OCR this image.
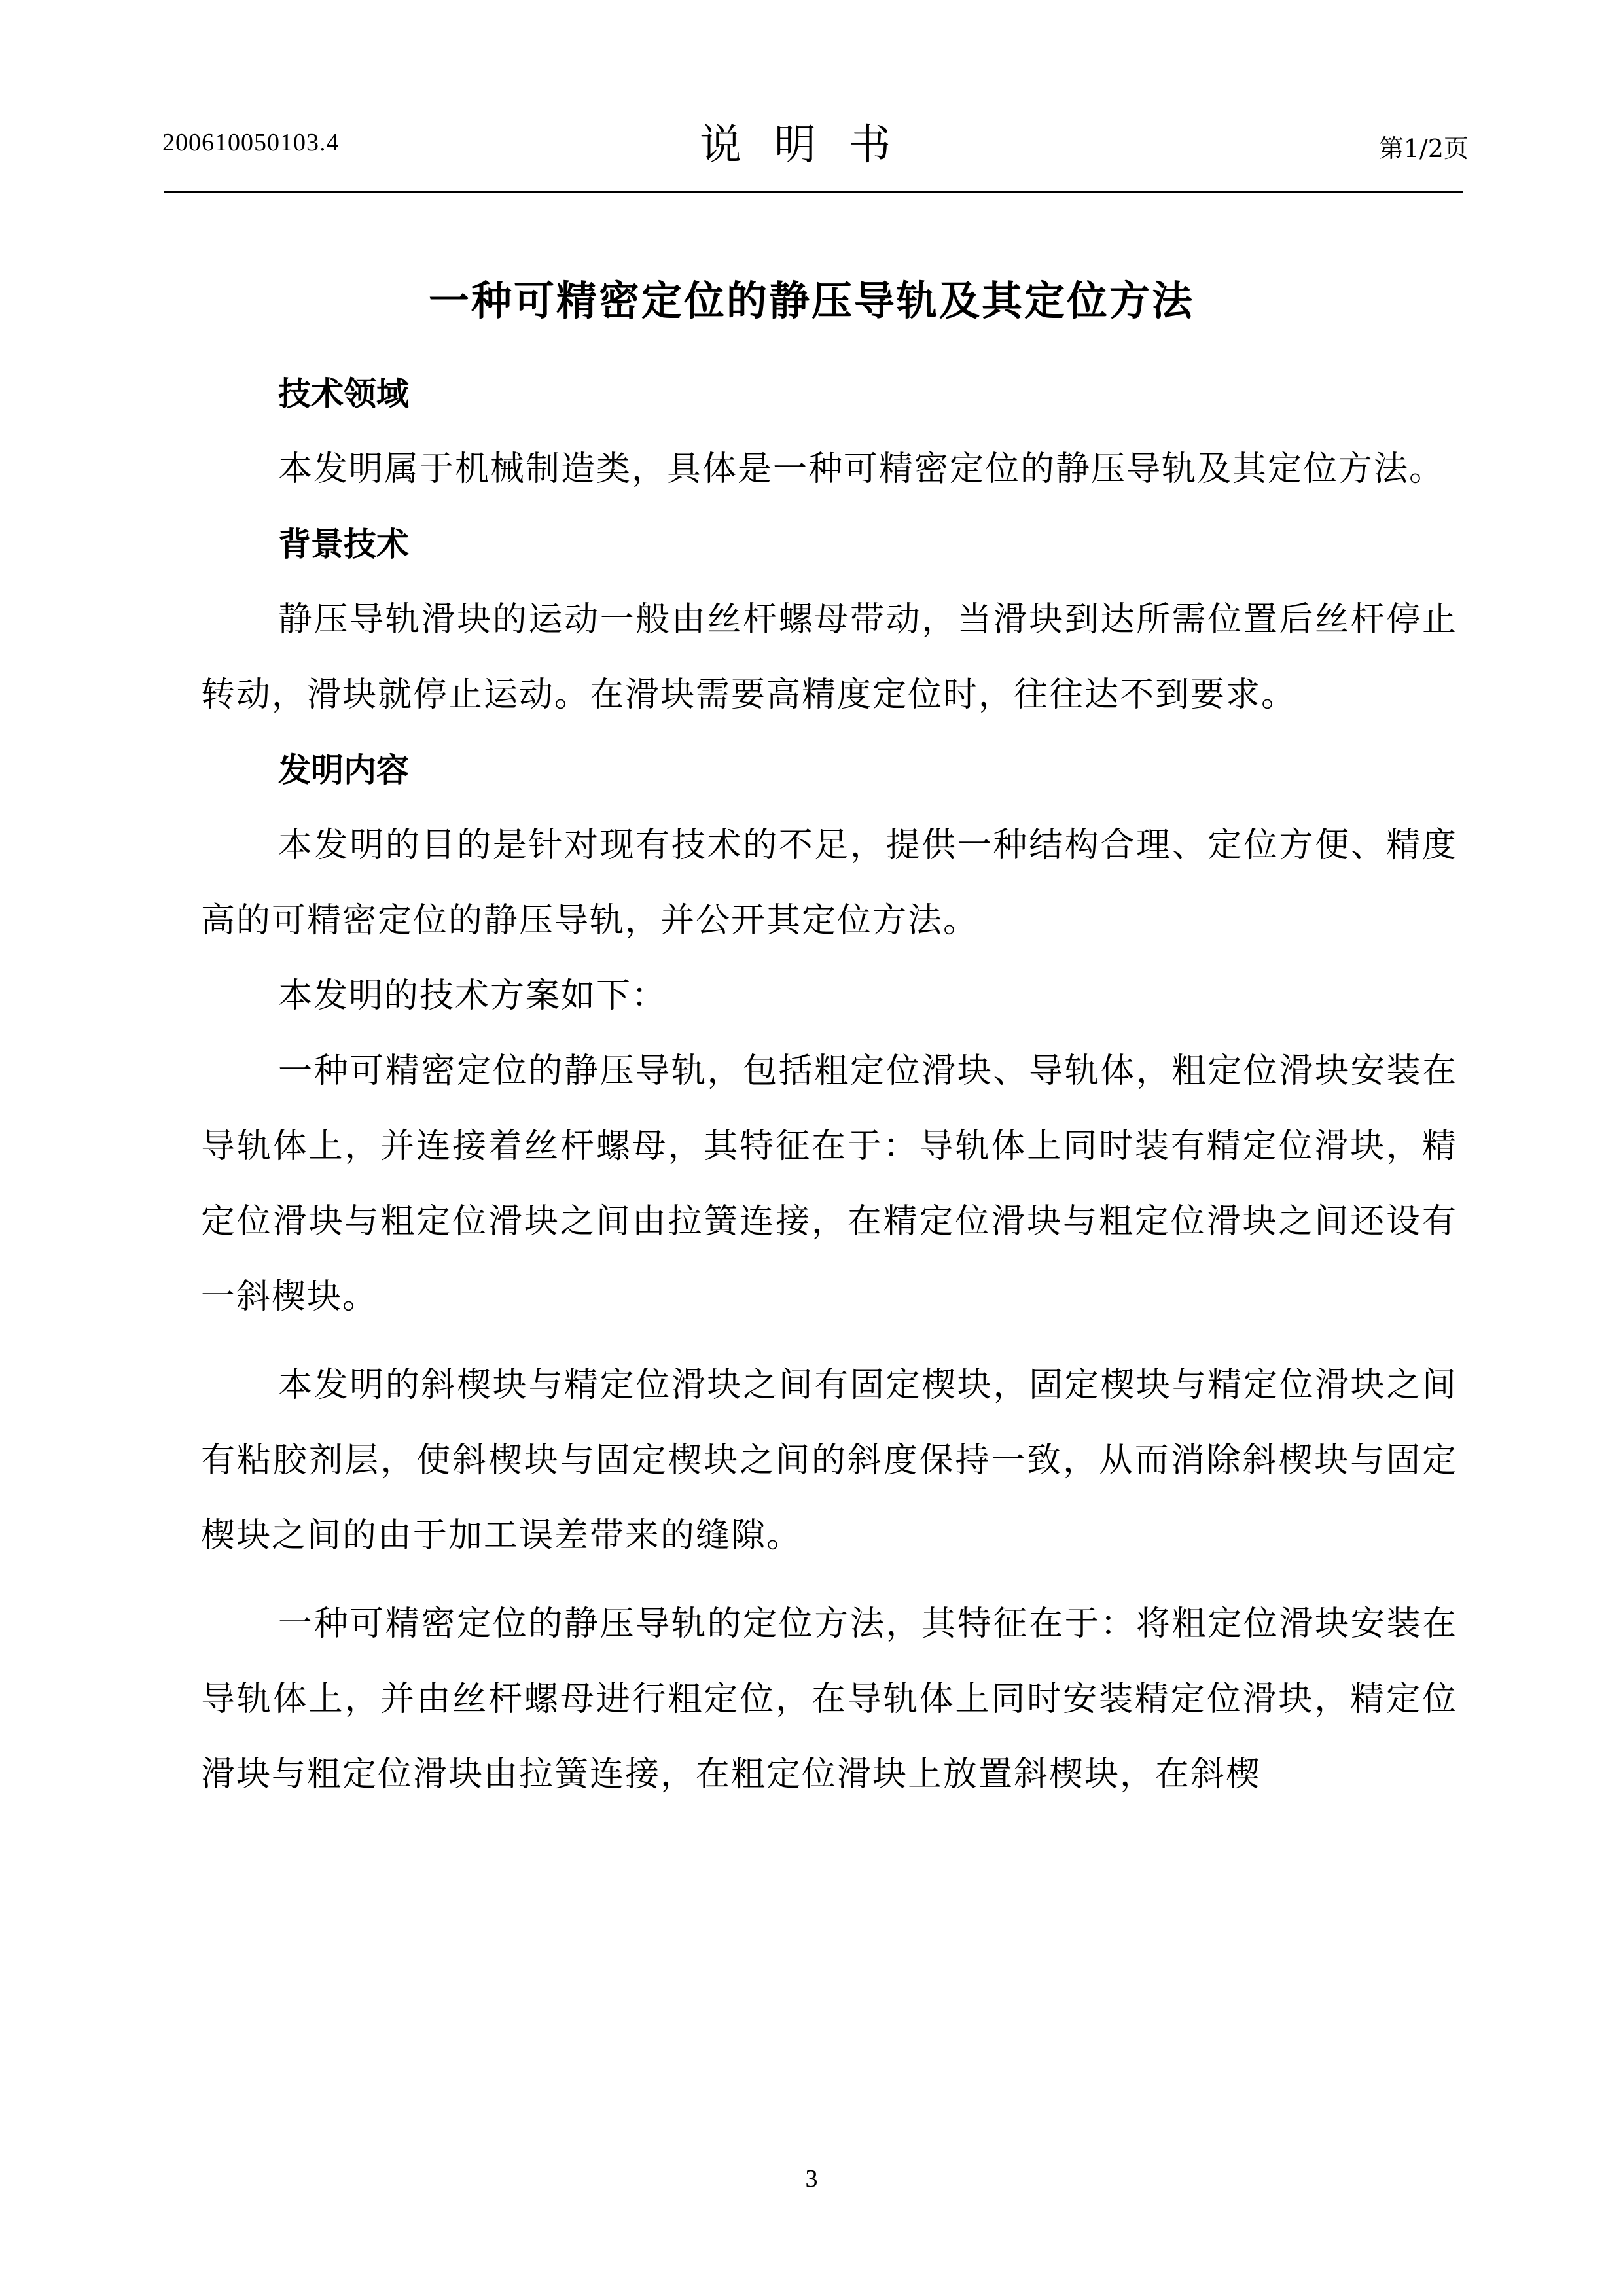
200610050103.4	说明书	第1/2页
一种可精密定位的静压导轨及其定位方法
技术领域
本发明属于机械制造类，具体是一种可精密定位的静压导轨及其定位方法。
背景技术
静压导轨滑块的运动一般由丝杆螺母带动，当滑块到达所需位置后丝杆停止转动，滑块就停止运动。在滑块需要高精度定位时，往往达不到要求。
发明内容
本发明的目的是针对现有技术的不足，提供一种结构合理、定位方便、精度高的可精密定位的静压导轨，并公开其定位方法。
本发明的技术方案如下：
一种可精密定位的静压导轨，包括粗定位滑块、导轨体，粗定位滑块安装在导轨体上，并连接着丝杆螺母，其特征在于：导轨体上同时装有精定位滑块，精定位滑块与粗定位滑块之间由拉簧连接，在精定位滑块与粗定位滑块之间还设有一斜楔块。
本发明的斜楔块与精定位滑块之间有固定楔块，固定楔块与精定位滑块之间有粘胶剂层，使斜楔块与固定楔块之间的斜度保持一致，从而消除斜楔块与固定楔块之间的由于加工误差带来的缝隙。
一种可精密定位的静压导轨的定位方法，其特征在于：将粗定位滑块安装在导轨体上，并由丝杆螺母进行粗定位，在导轨体上同时安装精定位滑块，精定位滑块与粗定位滑块由拉簧连接，在粗定位滑块上放置斜楔块，在斜楔
3
